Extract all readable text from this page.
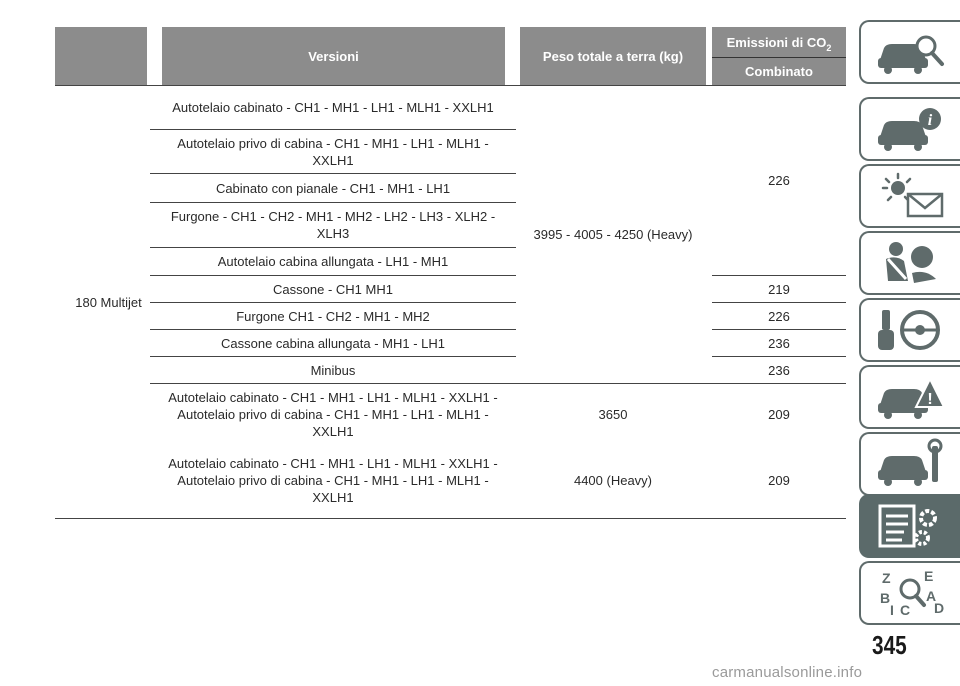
Versioni	Peso totale a terra (kg)
Emissioni di $CO_2$
Combinato
180 Multijet
Autotelaio cabinato - CH1 - MH1 - LH1 - MLH1 - XXLH1
Autotelaio privo di cabina - CH1 - MH1 - LH1 - MLH1 - XXLH1
Cabinato con pianale - CH1 - MH1 - LH1
Furgone - CH1 - CH2 - MH1 - MH2 - LH2 - LH3 - XLH2 - XLH3
Autotelaio cabina allungata - LH1 - MH1
Cassone - CH1 MH1
Furgone CH1 - CH2 - MH1 - MH2
Cassone cabina allungata - MH1 - LH1
Minibus
Autotelaio cabinato - CH1 - MH1 - LH1 - MLH1 - XXLH1 - Autotelaio privo di cabina - CH1 - MH1 - LH1 - MLH1 - XXLH1
Autotelaio cabinato - CH1 - MH1 - LH1 - MLH1 - XXLH1 - Autotelaio privo di cabina - CH1 - MH1 - LH1 - MLH1 - XXLH1
3995 - 4005 - 4250 (Heavy)
3650
4400 (Heavy)
226
219
226
236
236
209
209
i
!
Z E
B	A
C D
I
345
carmanualsonline.info
